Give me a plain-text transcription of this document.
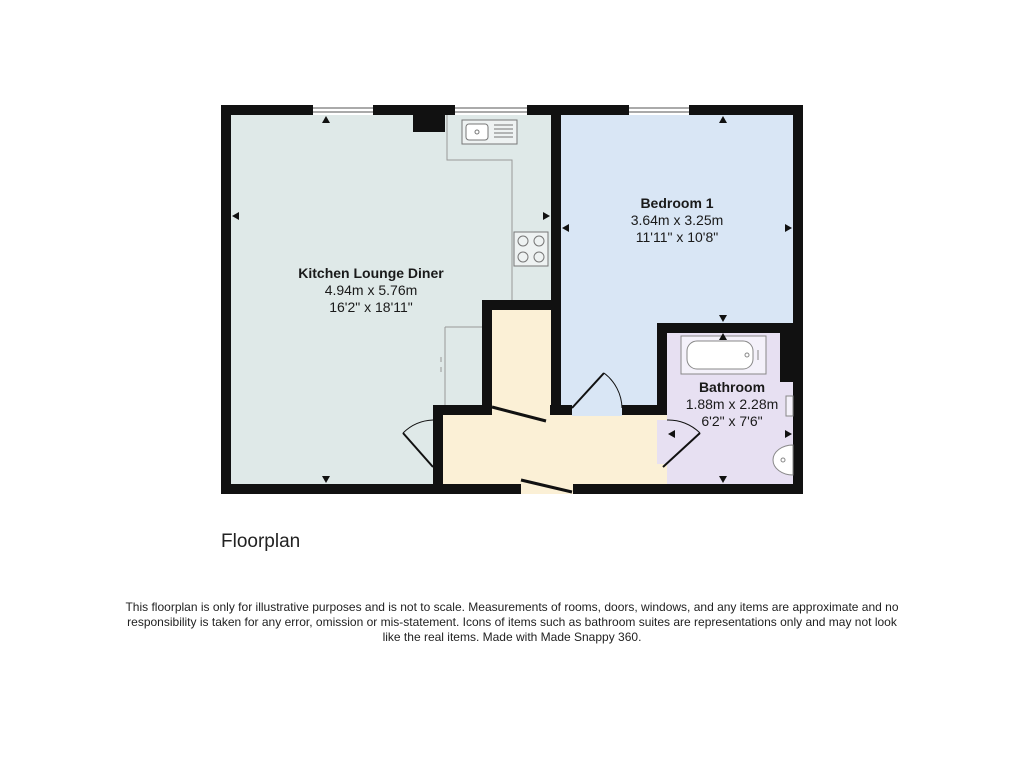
Kitchen Lounge Diner
4.94m x 5.76m
16'2" x 18'11"
Bedroom 1
3.64m x 3.25m
11'11" x 10'8"
Bathroom
1.88m x 2.28m
6'2" x 7'6"
Floorplan
This floorplan is only for illustrative purposes and is not to scale. Measurements of rooms, doors, windows, and any items are approximate and no responsibility is taken for any error, omission or mis-statement. Icons of items such as bathroom suites are representations only and may not look like the real items. Made with Made Snappy 360.
